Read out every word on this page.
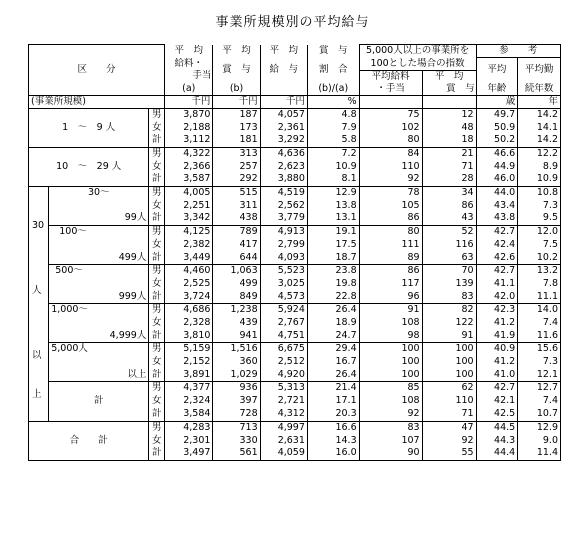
事業所規模別の平均給与
区　　分			平　均	平　均	平　均	賞　与	5,000人以上の事業所を		参　　考	
			給料・	賞　与	給　与	割　合	100とした場合の指数		平均	平均勤
			手当				平均給料	平　均		
			(a)	(b)		(b)/(a)	・手当	賞　与	年齢	続年数
(事業所規模)			千円	千円	千円	%			歳	年
1　～　9 人		男	3,870	187	4,057	4.8	75	12	49.7	14.2
		女	2,188	173	2,361	7.9	102	48	50.9	14.1
		計	3,112	181	3,292	5.8	80	18	50.2	14.2
10　～　29 人		男	4,322	313	4,636	7.2	84	21	46.6	12.2
		女	2,366	257	2,623	10.9	110	71	44.9	8.9
		計	3,587	292	3,880	8.1	92	28	46.0	10.9

30
人
以
上	30～	男	4,005	515	4,519	12.9	78	34	44.0	10.8
		女	2,251	311	2,562	13.8	105	86	43.4	7.3
	99人	計	3,342	438	3,779	13.1	86	43	43.8	9.5
	100～	男	4,125	789	4,913	19.1	80	52	42.7	12.0
		女	2,382	417	2,799	17.5	111	116	42.4	7.5
	499人	計	3,449	644	4,093	18.7	89	63	42.6	10.2
	500～	男	4,460	1,063	5,523	23.8	86	70	42.7	13.2
		女	2,525	499	3,025	19.8	117	139	41.1	7.8
	999人	計	3,724	849	4,573	22.8	96	83	42.0	11.1
	1,000～	男	4,686	1,238	5,924	26.4	91	82	42.3	14.0
		女	2,328	439	2,767	18.9	108	122	41.2	7.4
	4,999人	計	3,810	941	4,751	24.7	98	91	41.9	11.6
	5,000人	男	5,159	1,516	6,675	29.4	100	100	40.9	15.6
		女	2,152	360	2,512	16.7	100	100	41.2	7.3
	以上	計	3,891	1,029	4,920	26.4	100	100	41.0	12.1
		男	4,377	936	5,313	21.4	85	62	42.7	12.7
	計	女	2,324	397	2,721	17.1	108	110	42.1	7.4
		計	3,584	728	4,312	20.3	92	71	42.5	10.7
合　　計		男	4,283	713	4,997	16.6	83	47	44.5	12.9
		女	2,301	330	2,631	14.3	107	92	44.3	9.0
		計	3,497	561	4,059	16.0	90	55	44.4	11.4
